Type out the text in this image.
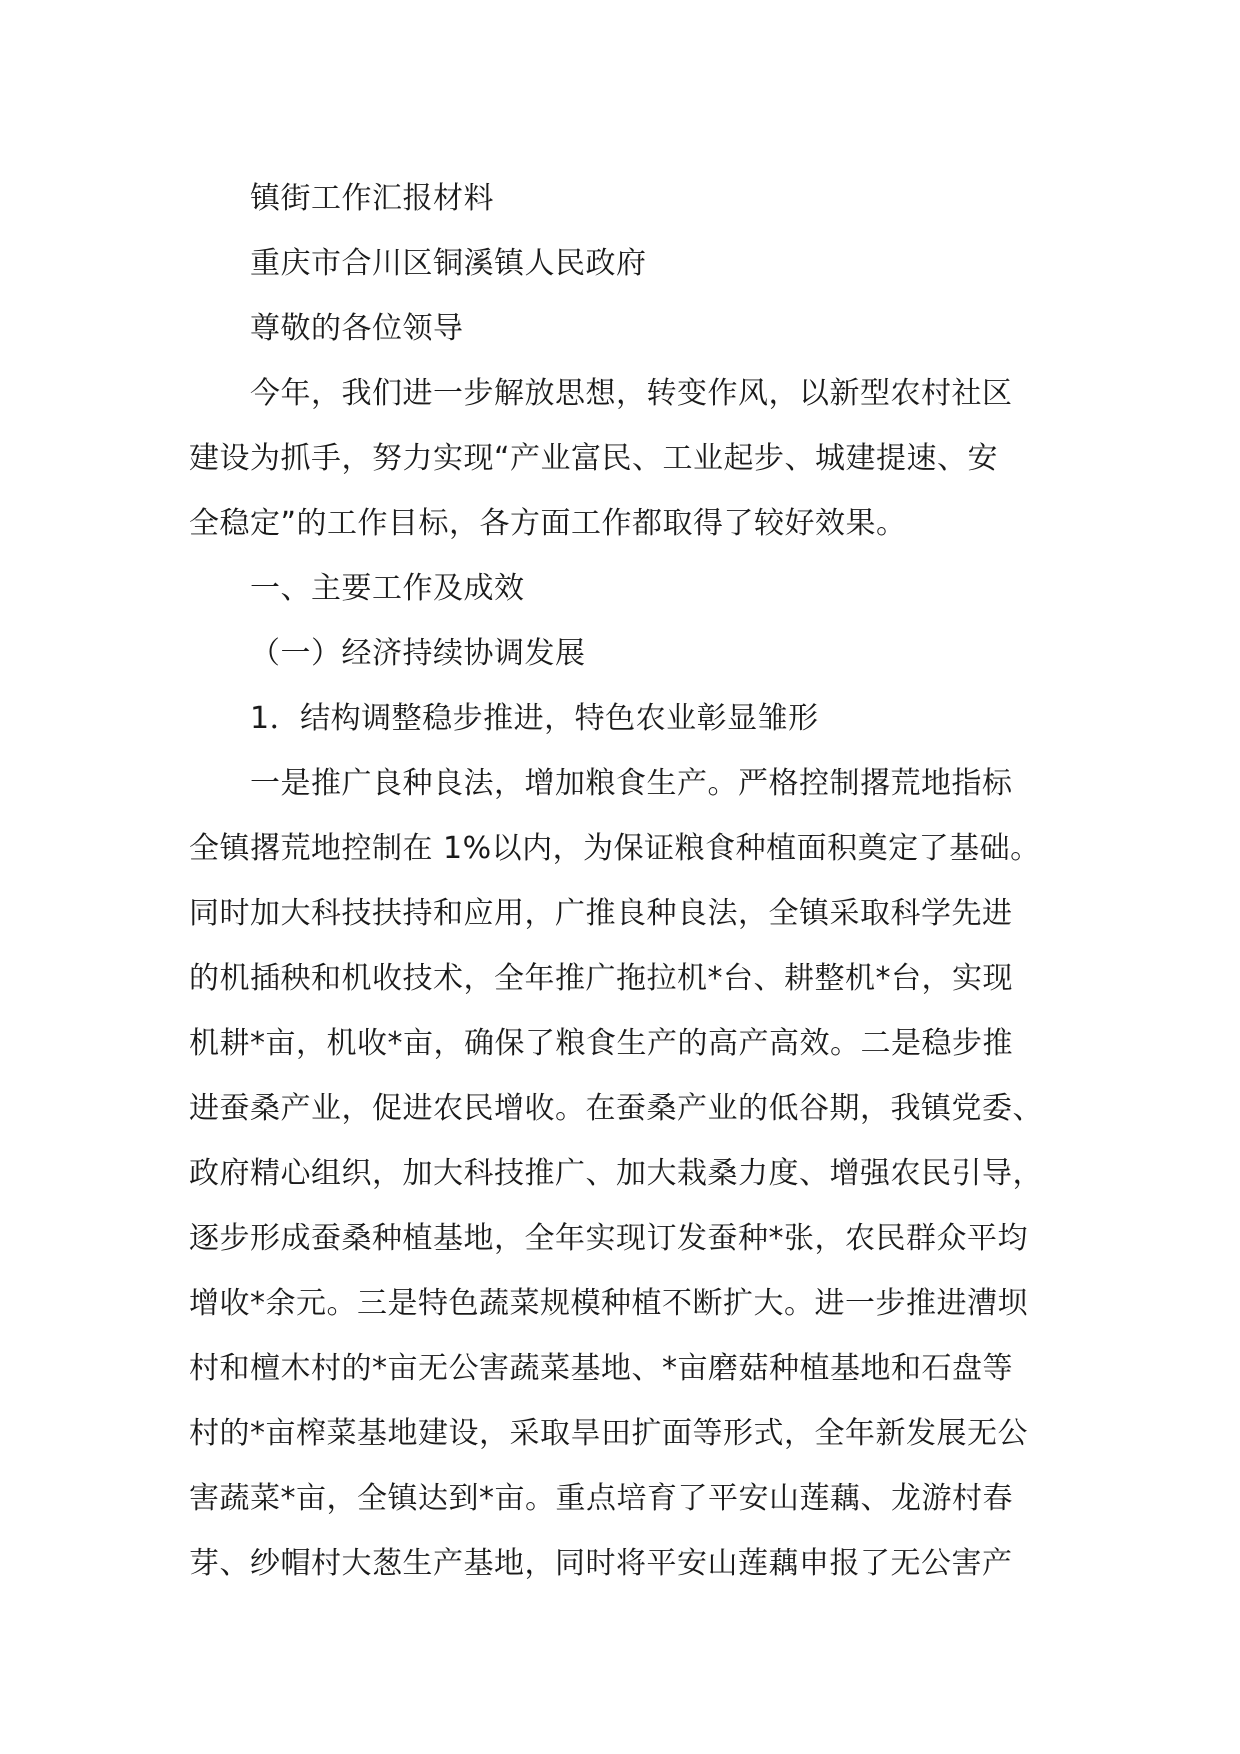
镇街工作汇报材料
重庆市合川区铜溪镇人民政府
尊敬的各位领导
今年，我们进一步解放思想，转变作风，以新型农村社区
建设为抓手，努力实现“产业富民、工业起步、城建提速、安
全稳定”的工作目标，各方面工作都取得了较好效果。
一、主要工作及成效
（一）经济持续协调发展
1．结构调整稳步推进，特色农业彰显雏形
一是推广良种良法，增加粮食生产。严格控制撂荒地指标
全镇撂荒地控制在 1%以内，为保证粮食种植面积奠定了基础。
同时加大科技扶持和应用，广推良种良法，全镇采取科学先进
的机插秧和机收技术，全年推广拖拉机*台、耕整机*台，实现
机耕*亩，机收*亩，确保了粮食生产的高产高效。二是稳步推
进蚕桑产业，促进农民增收。在蚕桑产业的低谷期，我镇党委、
政府精心组织，加大科技推广、加大栽桑力度、增强农民引导，
逐步形成蚕桑种植基地，全年实现订发蚕种*张，农民群众平均
增收*余元。三是特色蔬菜规模种植不断扩大。进一步推进漕坝
村和檀木村的*亩无公害蔬菜基地、*亩磨菇种植基地和石盘等
村的*亩榨菜基地建设，采取旱田扩面等形式，全年新发展无公
害蔬菜*亩，全镇达到*亩。重点培育了平安山莲藕、龙游村春
芽、纱帽村大葱生产基地，同时将平安山莲藕申报了无公害产
